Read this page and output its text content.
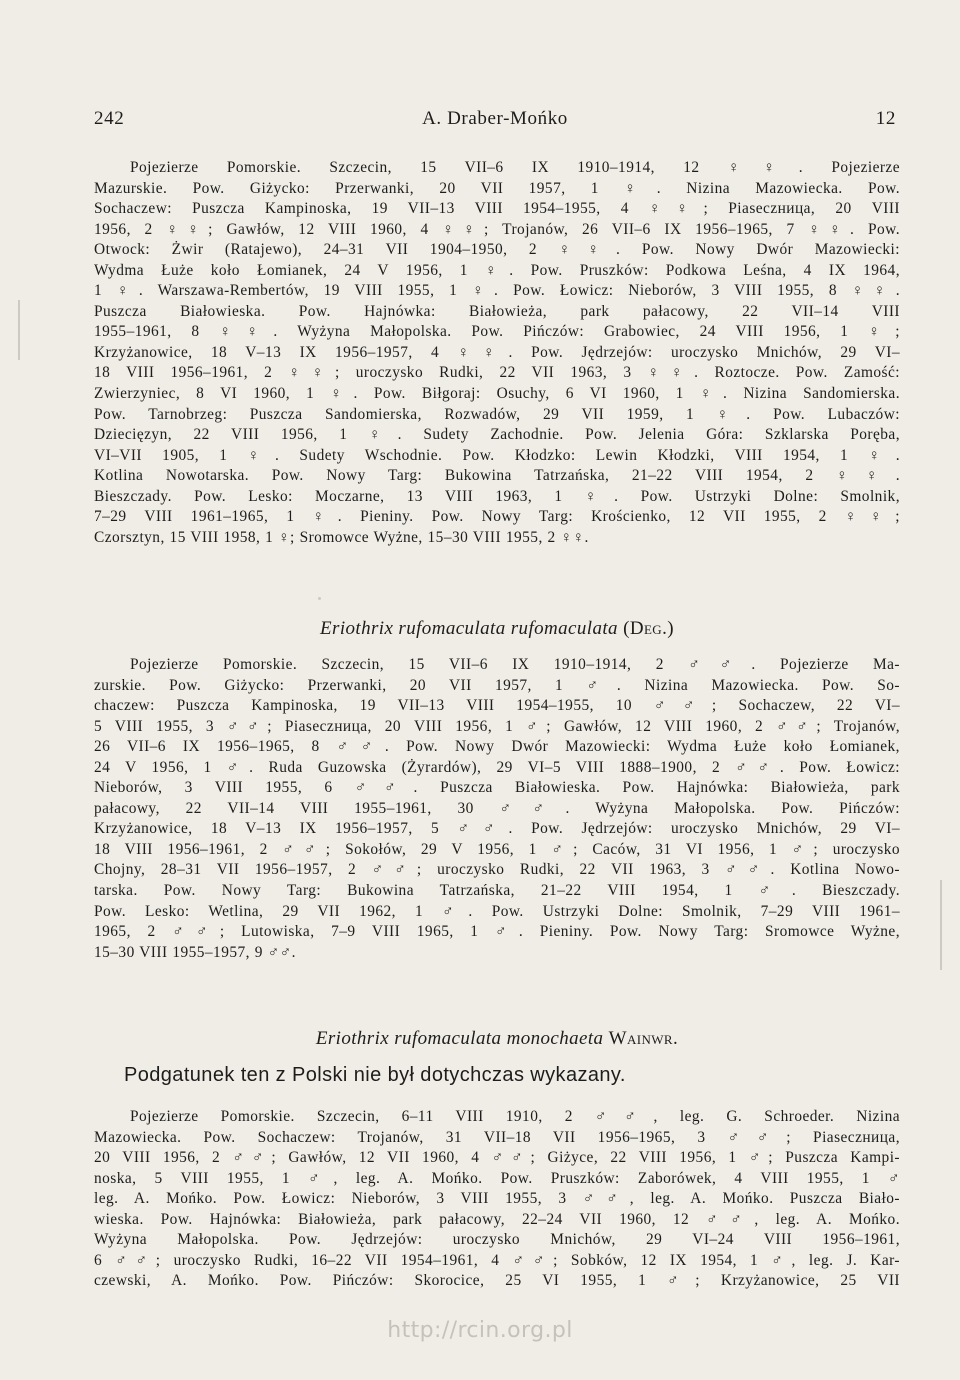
242	A. Draber-Mońko	12
Pojezierze Pomorskie. Szczecin, 15 VII–6 IX 1910–1914, 12 ♀♀. Pojezierze
Mazurskie. Pow. Giżycko: Przerwanki, 20 VII 1957, 1 ♀. Nizina Mazowiecka. Pow.
Sochaczew: Puszcza Kampinoska, 19 VII–13 VIII 1954–1955, 4 ♀♀; Piaseczница, 20 VIII
1956, 2 ♀♀; Gawłów, 12 VIII 1960, 4 ♀♀; Trojanów, 26 VII–6 IX 1956–1965, 7 ♀♀. Pow.
Otwock: Żwir (Ratajewo), 24–31 VII 1904–1950, 2 ♀♀. Pow. Nowy Dwór Mazowiecki:
Wydma Łuże koło Łomianek, 24 V 1956, 1 ♀. Pow. Pruszków: Podkowa Leśna, 4 IX 1964,
1 ♀. Warszawa-Rembertów, 19 VIII 1955, 1 ♀. Pow. Łowicz: Nieborów, 3 VIII 1955, 8 ♀♀.
Puszcza Białowieska. Pow. Hajnówka: Białowieża, park pałacowy, 22 VII–14 VIII
1955–1961, 8 ♀♀. Wyżyna Małopolska. Pow. Pińczów: Grabowiec, 24 VIII 1956, 1 ♀;
Krzyżanowice, 18 V–13 IX 1956–1957, 4 ♀♀. Pow. Jędrzejów: uroczysko Mnichów, 29 VI–
18 VIII 1956–1961, 2 ♀♀; uroczysko Rudki, 22 VII 1963, 3 ♀♀. Roztocze. Pow. Zamość:
Zwierzyniec, 8 VI 1960, 1 ♀. Pow. Biłgoraj: Osuchy, 6 VI 1960, 1 ♀. Nizina Sandomierska.
Pow. Tarnobrzeg: Puszcza Sandomierska, Rozwadów, 29 VII 1959, 1 ♀. Pow. Lubaczów:
Dziecięzyn, 22 VIII 1956, 1 ♀. Sudety Zachodnie. Pow. Jelenia Góra: Szklarska Poręba,
VI–VII 1905, 1 ♀. Sudety Wschodnie. Pow. Kłodzko: Lewin Kłodzki, VIII 1954, 1 ♀.
Kotlina Nowotarska. Pow. Nowy Targ: Bukowina Tatrzańska, 21–22 VIII 1954, 2 ♀♀.
Bieszczady. Pow. Lesko: Moczarne, 13 VIII 1963, 1 ♀. Pow. Ustrzyki Dolne: Smolnik,
7–29 VIII 1961–1965, 1 ♀. Pieniny. Pow. Nowy Targ: Krościenko, 12 VII 1955, 2 ♀♀;
Czorsztyn, 15 VIII 1958, 1 ♀; Sromowce Wyżne, 15–30 VIII 1955, 2 ♀♀.
Eriothrix rufomaculata rufomaculata (Deg.)
Pojezierze Pomorskie. Szczecin, 15 VII–6 IX 1910–1914, 2 ♂♂. Pojezierze Ma-
zurskie. Pow. Giżycko: Przerwanki, 20 VII 1957, 1 ♂. Nizina Mazowiecka. Pow. So-
chaczew: Puszcza Kampinoska, 19 VII–13 VIII 1954–1955, 10 ♂♂; Sochaczew, 22 VI–
5 VIII 1955, 3 ♂♂; Piaseczница, 20 VIII 1956, 1 ♂; Gawłów, 12 VIII 1960, 2 ♂♂; Trojanów,
26 VII–6 IX 1956–1965, 8 ♂♂. Pow. Nowy Dwór Mazowiecki: Wydma Łuże koło Łomianek,
24 V 1956, 1 ♂. Ruda Guzowska (Żyrardów), 29 VI–5 VIII 1888–1900, 2 ♂♂. Pow. Łowicz:
Nieborów, 3 VIII 1955, 6 ♂♂. Puszcza Białowieska. Pow. Hajnówka: Białowieża, park
pałacowy, 22 VII–14 VIII 1955–1961, 30 ♂♂. Wyżyna Małopolska. Pow. Pińczów:
Krzyżanowice, 18 V–13 IX 1956–1957, 5 ♂♂. Pow. Jędrzejów: uroczysko Mnichów, 29 VI–
18 VIII 1956–1961, 2 ♂♂; Sokołów, 29 V 1956, 1 ♂; Caców, 31 VI 1956, 1 ♂; uroczysko
Chojny, 28–31 VII 1956–1957, 2 ♂♂; uroczysko Rudki, 22 VII 1963, 3 ♂♂. Kotlina Nowo-
tarska. Pow. Nowy Targ: Bukowina Tatrzańska, 21–22 VIII 1954, 1 ♂. Bieszczady.
Pow. Lesko: Wetlina, 29 VII 1962, 1 ♂. Pow. Ustrzyki Dolne: Smolnik, 7–29 VIII 1961–
1965, 2 ♂♂; Lutowiska, 7–9 VIII 1965, 1 ♂. Pieniny. Pow. Nowy Targ: Sromowce Wyżne,
15–30 VIII 1955–1957, 9 ♂♂.
Eriothrix rufomaculata monochaeta Wainwr.
Podgatunek ten z Polski nie był dotychczas wykazany.
Pojezierze Pomorskie. Szczecin, 6–11 VIII 1910, 2 ♂♂, leg. G. Schroeder. Nizina
Mazowiecka. Pow. Sochaczew: Trojanów, 31 VII–18 VII 1956–1965, 3 ♂♂; Piaseczница,
20 VIII 1956, 2 ♂♂; Gawłów, 12 VII 1960, 4 ♂♂; Giżyce, 22 VIII 1956, 1 ♂; Puszcza Kampi-
noska, 5 VIII 1955, 1 ♂, leg. A. Mońko. Pow. Pruszków: Zaborówek, 4 VIII 1955, 1 ♂
leg. A. Mońko. Pow. Łowicz: Nieborów, 3 VIII 1955, 3 ♂♂, leg. A. Mońko. Puszcza Biało-
wieska. Pow. Hajnówka: Białowieża, park pałacowy, 22–24 VII 1960, 12 ♂♂, leg. A. Mońko.
Wyżyna Małopolska. Pow. Jędrzejów: uroczysko Mnichów, 29 VI–24 VIII 1956–1961,
6 ♂♂; uroczysko Rudki, 16–22 VII 1954–1961, 4 ♂♂; Sobków, 12 IX 1954, 1 ♂, leg. J. Kar-
czewski, A. Mońko. Pow. Pińczów: Skorocice, 25 VI 1955, 1 ♂; Krzyżanowice, 25 VII
http://rcin.org.pl
